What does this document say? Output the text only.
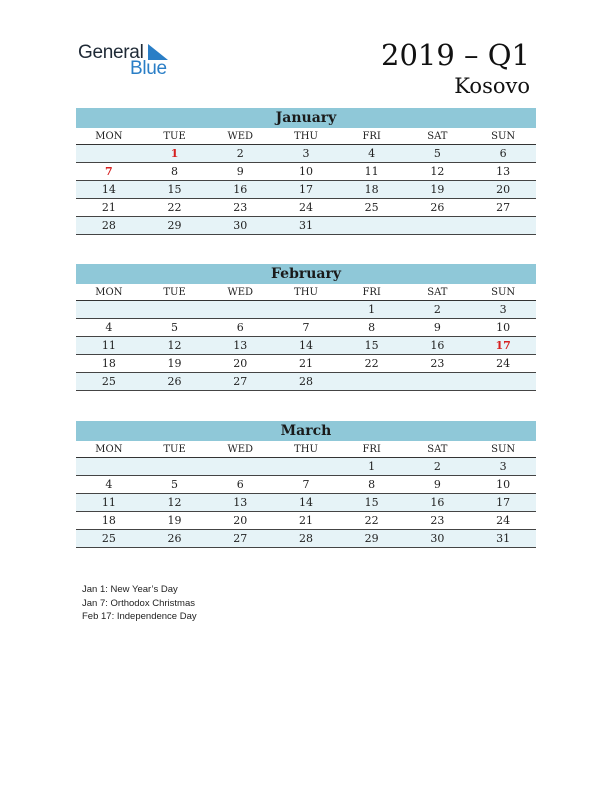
General
Blue	2019 – Q1
Kosovo
January
MON	TUE	WED	THU	FRI	SAT	SUN
	1	2	3	4	5	6
7	8	9	10	11	12	13
14	15	16	17	18	19	20
21	22	23	24	25	26	27
28	29	30	31			
February
MON	TUE	WED	THU	FRI	SAT	SUN
				1	2	3
4	5	6	7	8	9	10
11	12	13	14	15	16	17
18	19	20	21	22	23	24
25	26	27	28			
March
MON	TUE	WED	THU	FRI	SAT	SUN
				1	2	3
4	5	6	7	8	9	10
11	12	13	14	15	16	17
18	19	20	21	22	23	24
25	26	27	28	29	30	31
Jan 1: New Year’s Day
Jan 7: Orthodox Christmas
Feb 17: Independence Day
